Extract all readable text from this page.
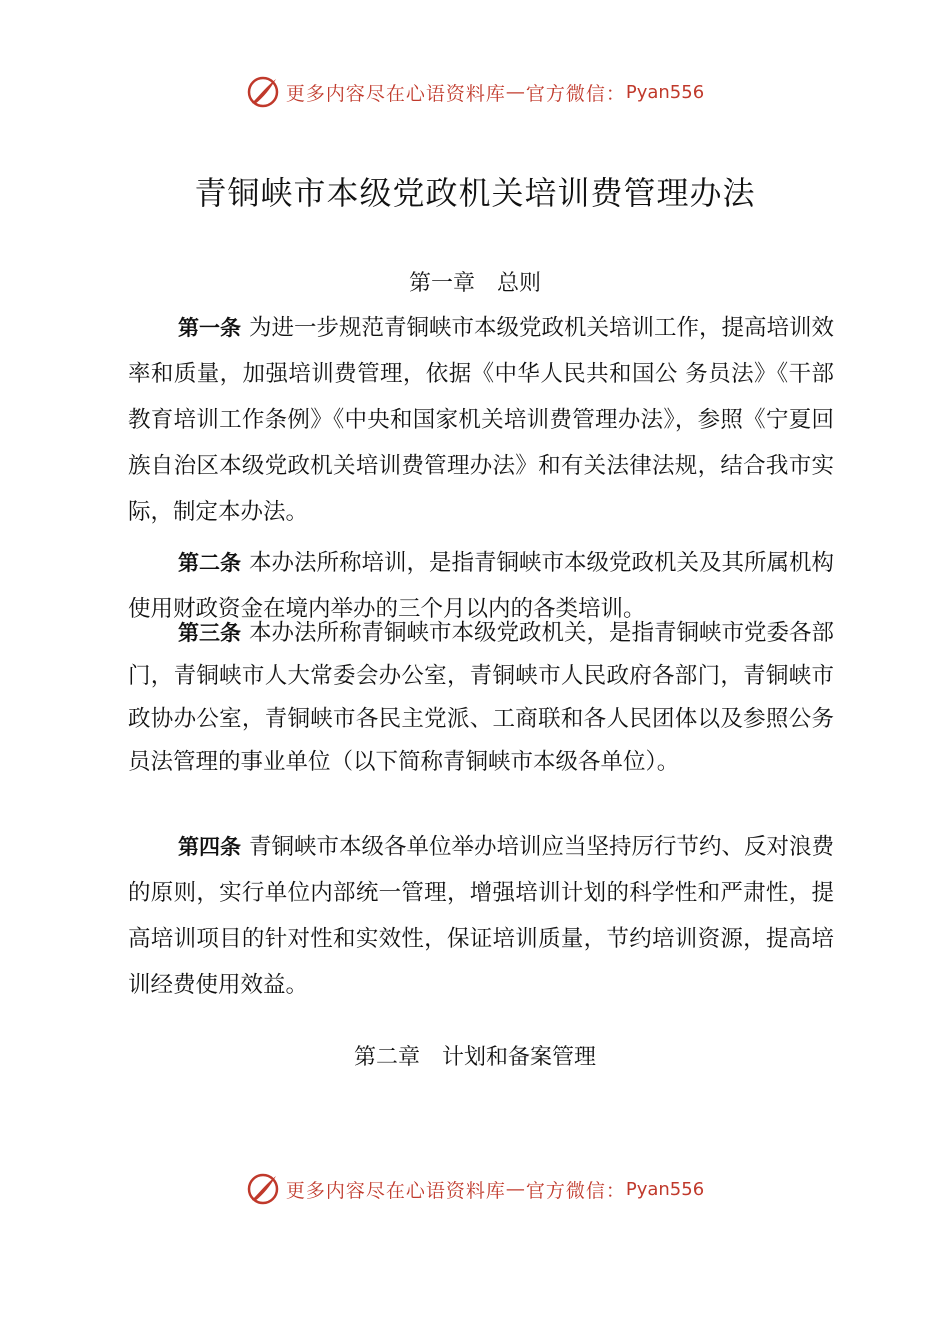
更多内容尽在心语资料库 — 官方微信： Pyan556
青铜峡市本级党政机关培训费管理办法

第一章 总则

第一条 为进一步规范青铜峡市本级党政机关培训工作，提高培训效率和质量，加强培训费管理，依据《中华人民共和国公 务员法》《干部教育培训工作条例》《中央和国家机关培训费管理办法》，参照《宁夏回族自治区本级党政机关培训费管理办法》和有关法律法规，结合我市实际，制定本办法。

第二条 本办法所称培训，是指青铜峡市本级党政机关及其所属机构使用财政资金在境内举办的三个月以内的各类培训。

第三条 本办法所称青铜峡市本级党政机关，是指青铜峡市党委各部门，青铜峡市人大常委会办公室，青铜峡市人民政府各部门，青铜峡市政协办公室，青铜峡市各民主党派、工商联和各人民团体以及参照公务员法管理的事业单位（以下简称青铜峡市本级各单位）。

第四条 青铜峡市本级各单位举办培训应当坚持厉行节约、反对浪费的原则，实行单位内部统一管理，增强培训计划的科学性和严肃性，提高培训项目的针对性和实效性，保证培训质量，节约培训资源，提高培训经费使用效益。

第二章 计划和备案管理

更多内容尽在心语资料库 — 官方微信： Pyan556
